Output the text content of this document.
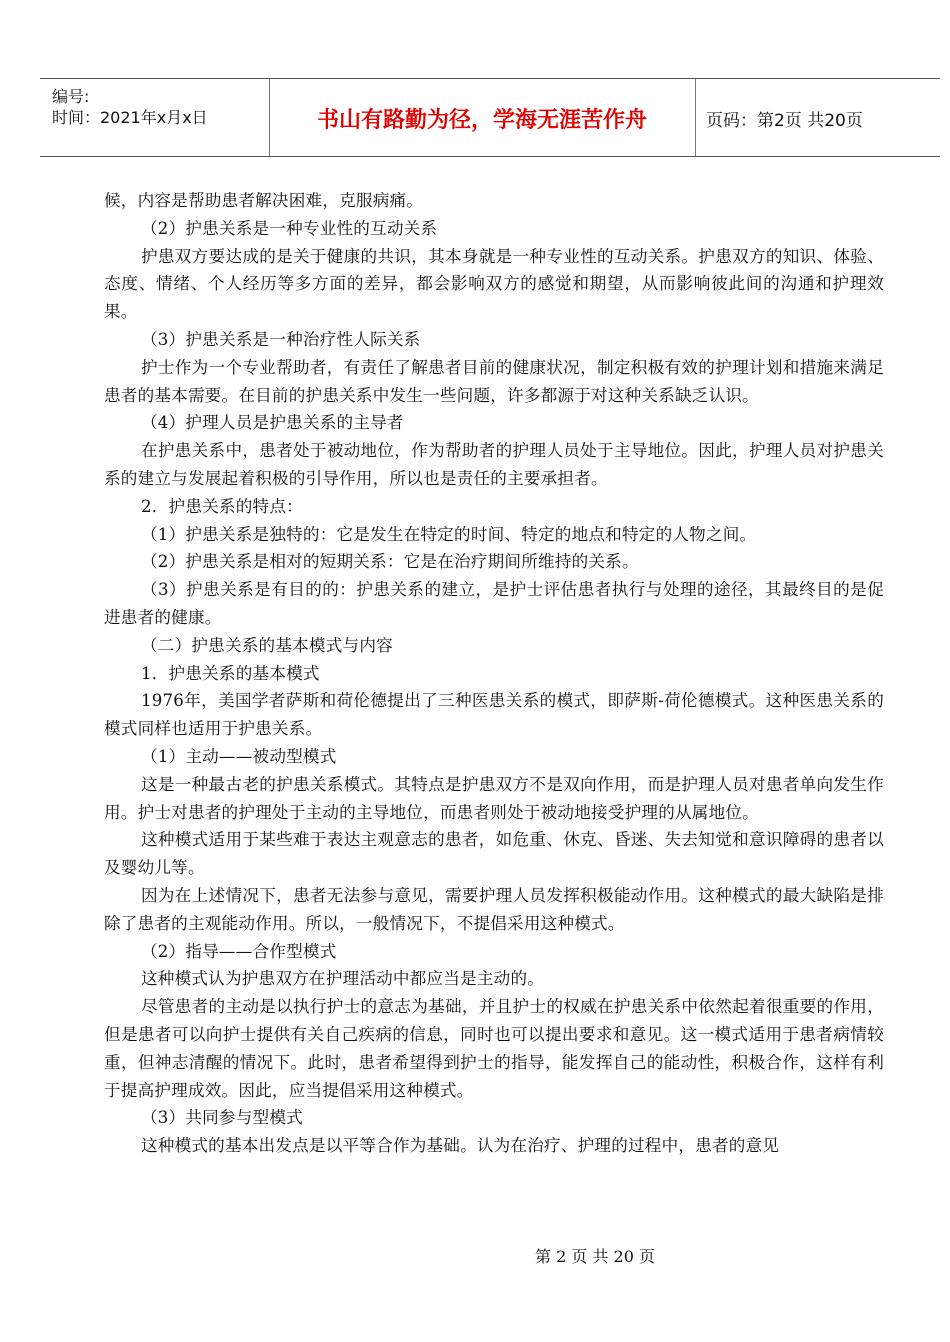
编号:
时间：2021年x月x日	书山有路勤为径，学海无涯苦作舟	页码：第2页 共20页

候，内容是帮助患者解决困难，克服病痛。

（2）护患关系是一种专业性的互动关系

护患双方要达成的是关于健康的共识，其本身就是一种专业性的互动关系。护患双方的知识、体验、态度、情绪、个人经历等多方面的差异，都会影响双方的感觉和期望，从而影响彼此间的沟通和护理效果。

（3）护患关系是一种治疗性人际关系

护士作为一个专业帮助者，有责任了解患者目前的健康状况，制定积极有效的护理计划和措施来满足患者的基本需要。在目前的护患关系中发生一些问题，许多都源于对这种关系缺乏认识。

（4）护理人员是护患关系的主导者

在护患关系中，患者处于被动地位，作为帮助者的护理人员处于主导地位。因此，护理人员对护患关系的建立与发展起着积极的引导作用，所以也是责任的主要承担者。

2．护患关系的特点：

（1）护患关系是独特的：它是发生在特定的时间、特定的地点和特定的人物之间。

（2）护患关系是相对的短期关系：它是在治疗期间所维持的关系。

（3）护患关系是有目的的：护患关系的建立，是护士评估患者执行与处理的途径，其最终目的是促进患者的健康。

（二）护患关系的基本模式与内容

1．护患关系的基本模式

1976年，美国学者萨斯和荷伦德提出了三种医患关系的模式，即萨斯-荷伦德模式。这种医患关系的模式同样也适用于护患关系。

（1）主动——被动型模式

这是一种最古老的护患关系模式。其特点是护患双方不是双向作用，而是护理人员对患者单向发生作用。护士对患者的护理处于主动的主导地位，而患者则处于被动地接受护理的从属地位。

这种模式适用于某些难于表达主观意志的患者，如危重、休克、昏迷、失去知觉和意识障碍的患者以及婴幼儿等。

因为在上述情况下，患者无法参与意见，需要护理人员发挥积极能动作用。这种模式的最大缺陷是排除了患者的主观能动作用。所以，一般情况下，不提倡采用这种模式。

（2）指导——合作型模式

这种模式认为护患双方在护理活动中都应当是主动的。

尽管患者的主动是以执行护士的意志为基础，并且护士的权威在护患关系中依然起着很重要的作用，但是患者可以向护士提供有关自己疾病的信息，同时也可以提出要求和意见。这一模式适用于患者病情较重，但神志清醒的情况下。此时，患者希望得到护士的指导，能发挥自己的能动性，积极合作，这样有利于提高护理成效。因此，应当提倡采用这种模式。

（3）共同参与型模式

这种模式的基本出发点是以平等合作为基础。认为在治疗、护理的过程中，患者的意见

第 2 页 共 20 页
